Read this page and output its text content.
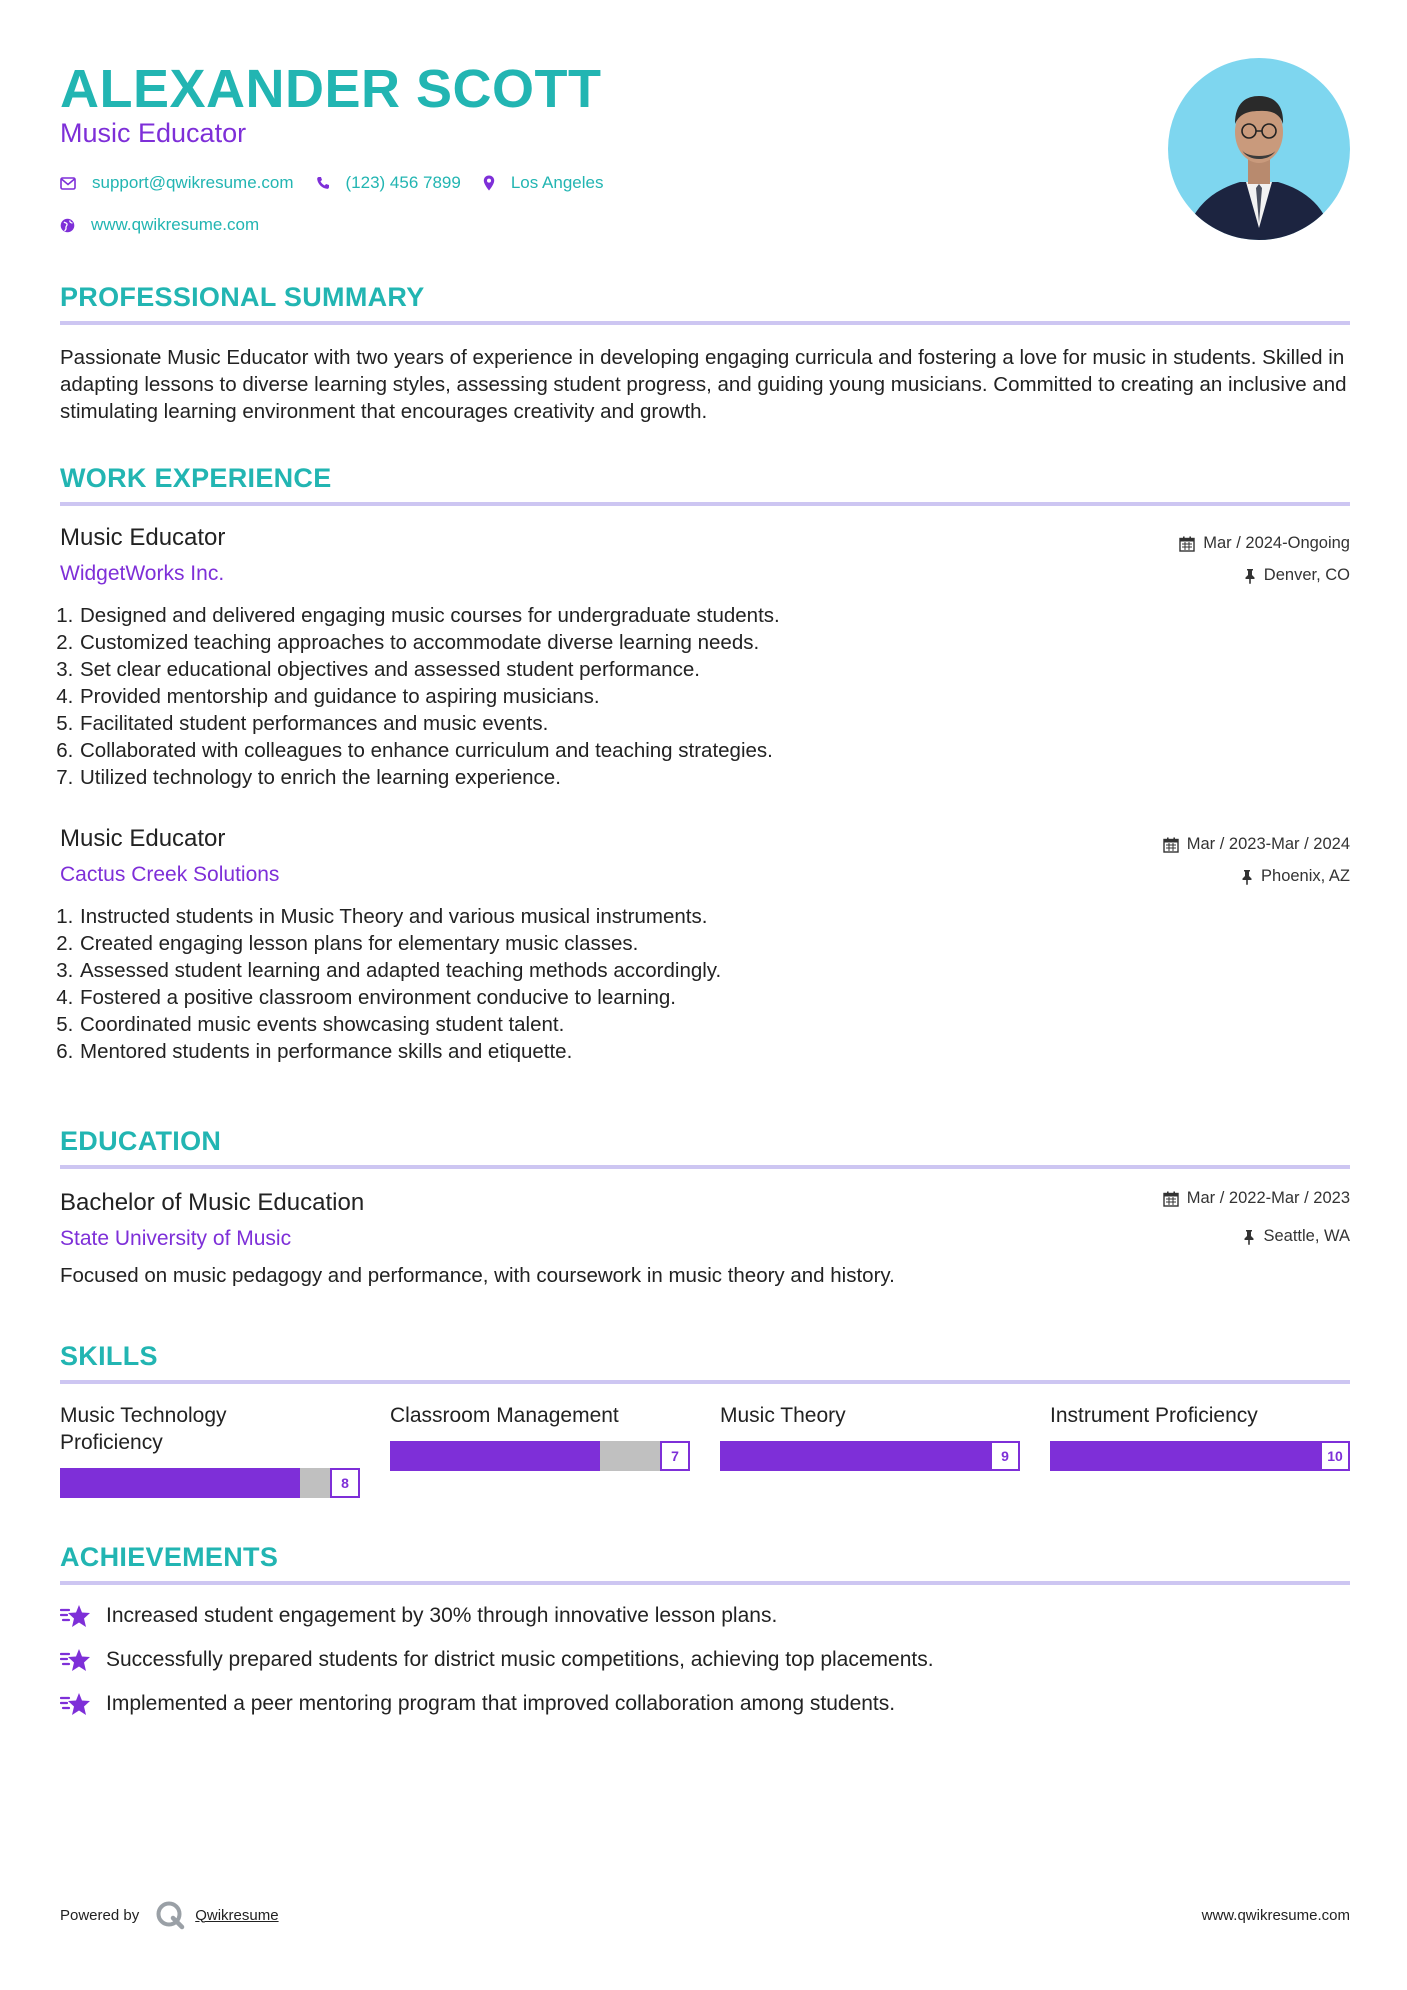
ALEXANDER SCOTT
Music Educator
support@qwikresume.com	(123) 456 7899	Los Angeles
www.qwikresume.com
PROFESSIONAL SUMMARY
Passionate Music Educator with two years of experience in developing engaging curricula and fostering a love for music in students. Skilled in adapting lessons to diverse learning styles, assessing student progress, and guiding young musicians. Committed to creating an inclusive and stimulating learning environment that encourages creativity and growth.
WORK EXPERIENCE
Music Educator
WidgetWorks Inc.
Mar / 2024-Ongoing
Denver, CO
1. Designed and delivered engaging music courses for undergraduate students.
2. Customized teaching approaches to accommodate diverse learning needs.
3. Set clear educational objectives and assessed student performance.
4. Provided mentorship and guidance to aspiring musicians.
5. Facilitated student performances and music events.
6. Collaborated with colleagues to enhance curriculum and teaching strategies.
7. Utilized technology to enrich the learning experience.
Music Educator
Cactus Creek Solutions
Mar / 2023-Mar / 2024
Phoenix, AZ
1. Instructed students in Music Theory and various musical instruments.
2. Created engaging lesson plans for elementary music classes.
3. Assessed student learning and adapted teaching methods accordingly.
4. Fostered a positive classroom environment conducive to learning.
5. Coordinated music events showcasing student talent.
6. Mentored students in performance skills and etiquette.
EDUCATION
Bachelor of Music Education
State University of Music
Mar / 2022-Mar / 2023
Seattle, WA
Focused on music pedagogy and performance, with coursework in music theory and history.
SKILLS
Music Technology Proficiency
8
Classroom Management
7
Music Theory
9
Instrument Proficiency
10
ACHIEVEMENTS
Increased student engagement by 30% through innovative lesson plans.
Successfully prepared students for district music competitions, achieving top placements.
Implemented a peer mentoring program that improved collaboration among students.
Powered by	Qwikresume	www.qwikresume.com
